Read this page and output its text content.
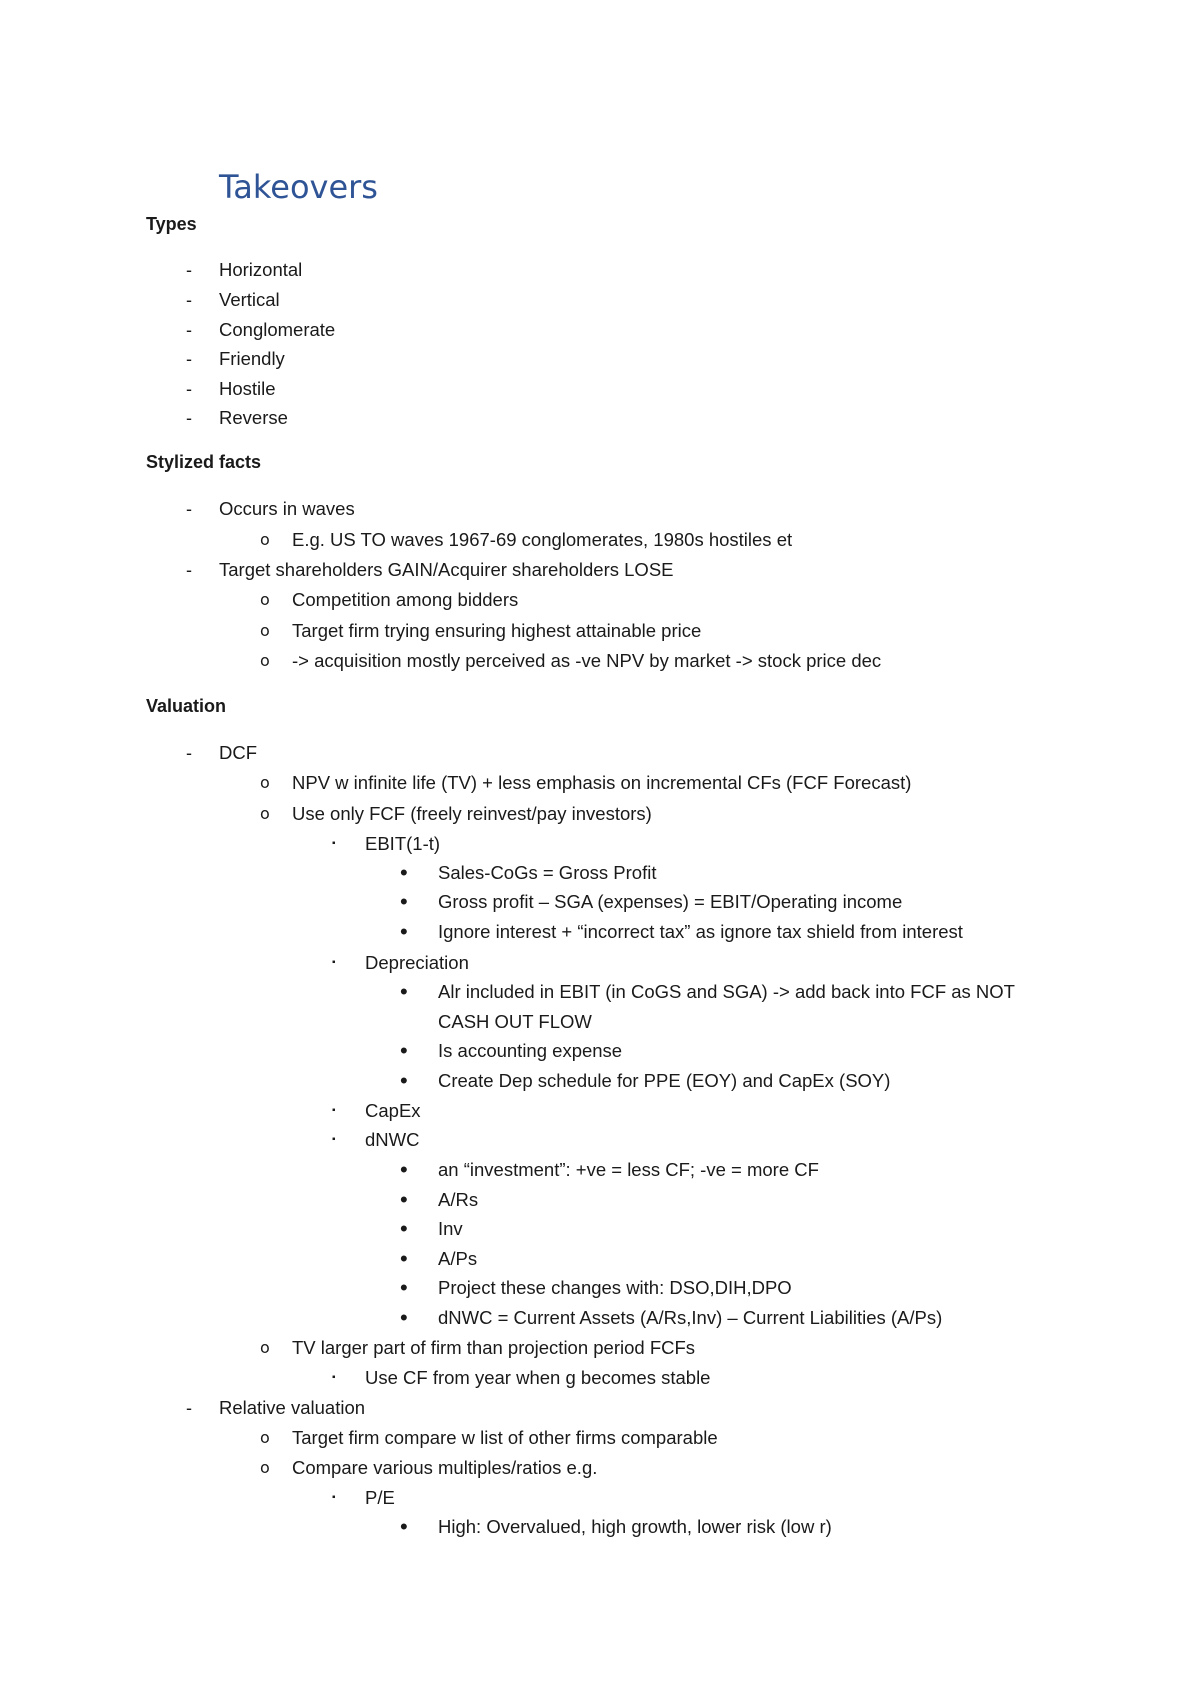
Takeovers
Types
- Horizontal
- Vertical
- Conglomerate
- Friendly
- Hostile
- Reverse
Stylized facts
- Occurs in waves
o E.g. US TO waves 1967-69 conglomerates, 1980s hostiles et
- Target shareholders GAIN/Acquirer shareholders LOSE
o Competition among bidders
o Target firm trying ensuring highest attainable price
o -> acquisition mostly perceived as -ve NPV by market -> stock price dec
Valuation
- DCF
o NPV w infinite life (TV) + less emphasis on incremental CFs (FCF Forecast)
o Use only FCF (freely reinvest/pay investors)
▪ EBIT(1-t)
• Sales-CoGs = Gross Profit
• Gross profit – SGA (expenses) = EBIT/Operating income
• Ignore interest + “incorrect tax” as ignore tax shield from interest
▪ Depreciation
• Alr included in EBIT (in CoGS and SGA) -> add back into FCF as NOT
CASH OUT FLOW
• Is accounting expense
• Create Dep schedule for PPE (EOY) and CapEx (SOY)
▪ CapEx
▪ dNWC
• an “investment”: +ve = less CF; -ve = more CF
• A/Rs
• Inv
• A/Ps
• Project these changes with: DSO,DIH,DPO
• dNWC = Current Assets (A/Rs,Inv) – Current Liabilities (A/Ps)
o TV larger part of firm than projection period FCFs
▪ Use CF from year when g becomes stable
- Relative valuation
o Target firm compare w list of other firms comparable
o Compare various multiples/ratios e.g.
▪ P/E
• High: Overvalued, high growth, lower risk (low r)
